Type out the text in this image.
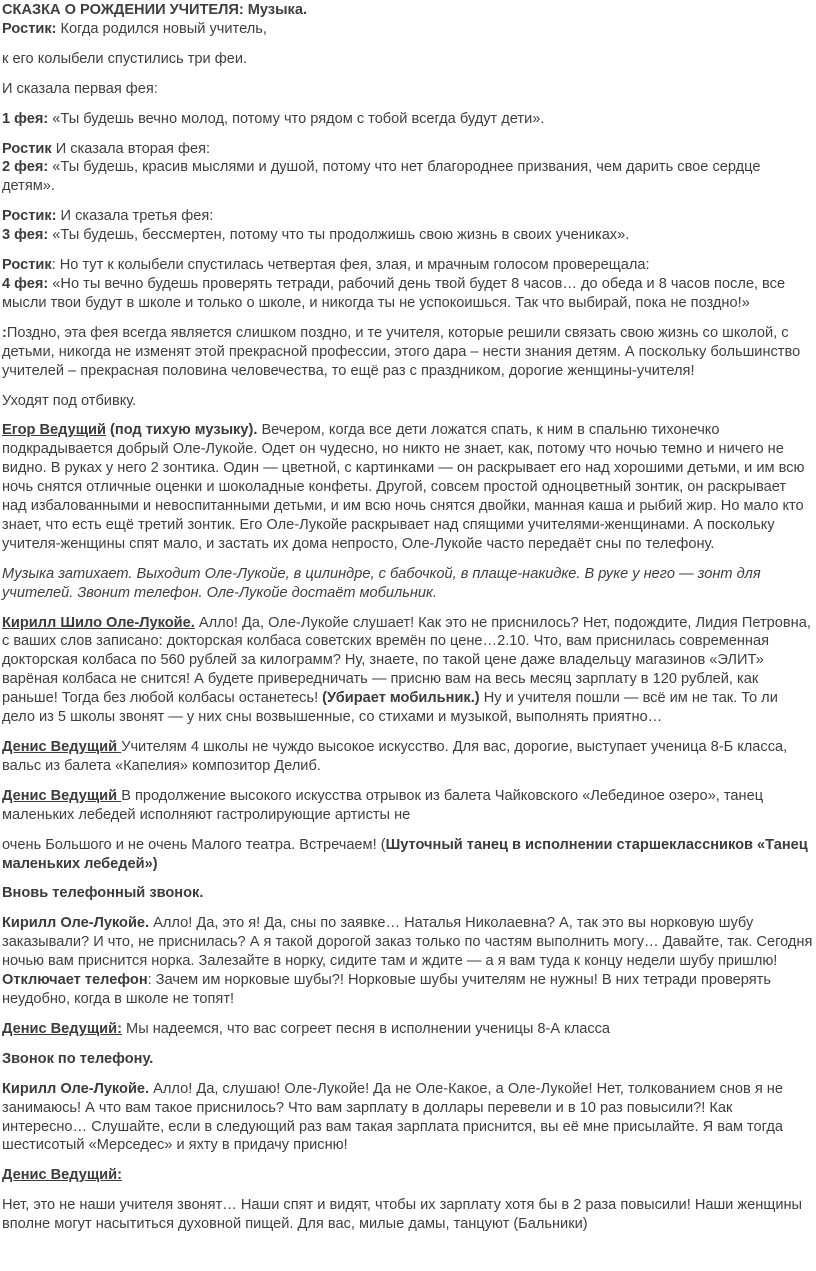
СКАЗКА О РОЖДЕНИИ УЧИТЕЛЯ: Музыка.

Ростик: Когда родился новый учитель,

к его колыбели спустились три феи.

И сказала первая фея:

1 фея: «Ты будешь вечно молод, потому что рядом с тобой всегда будут дети».

Ростик И сказала вторая фея:
2 фея: «Ты будешь, красив мыслями и душой, потому что нет благороднее призвания, чем дарить свое сердце детям».

Ростик: И сказала третья фея:
3 фея: «Ты будешь, бессмертен, потому что ты продолжишь свою жизнь в своих учениках».

Ростик: Но тут к колыбели спустилась четвертая фея, злая, и мрачным голосом проверещала:
4 фея: «Но ты вечно будешь проверять тетради, рабочий день твой будет 8 часов… до обеда и 8 часов после, все мысли твои будут в школе и только о школе, и никогда ты не успокоишься. Так что выбирай, пока не поздно!»

:Поздно, эта фея всегда является слишком поздно, и те учителя, которые решили связать свою жизнь со школой, с детьми, никогда не изменят этой прекрасной профессии, этого дара – нести знания детям. А поскольку большинство учителей – прекрасная половина человечества, то ещё раз с праздником, дорогие женщины-учителя!

Уходят под отбивку.

Егор Ведущий (под тихую музыку). Вечером, когда все дети ложатся спать, к ним в спальню тихонечко подкрадывается добрый Оле-Лукойе. Одет он чудесно, но никто не знает, как, потому что ночью темно и ничего не видно. В руках у него 2 зонтика. Один — цветной, с картинками — он раскрывает его над хорошими детьми, и им всю ночь снятся отличные оценки и шоколадные конфеты. Другой, совсем простой одноцветный зонтик, он раскрывает над избалованными и невоспитанными детьми, и им всю ночь снятся двойки, манная каша и рыбий жир. Но мало кто знает, что есть ещё третий зонтик. Его Оле-Лукойе раскрывает над спящими учителями-женщинами. А поскольку учителя-женщины спят мало, и застать их дома непросто, Оле-Лукойе часто передаёт сны по телефону.

Музыка затихает. Выходит Оле-Лукойе, в цилиндре, с бабочкой, в плаще-накидке. В руке у него — зонт для учителей. Звонит телефон. Оле-Лукойе достаёт мобильник.

Кирилл Шило Оле-Лукойе. Алло! Да, Оле-Лукойе слушает! Как это не приснилось? Нет, подождите, Лидия Петровна, с ваших слов записано: докторская колбаса советских времён по цене…2.10. Что, вам приснилась современная докторская колбаса по 560 рублей за килограмм? Ну, знаете, по такой цене даже владельцу магазинов «ЭЛИТ» варёная колбаса не снится! А будете привередничать — присню вам на весь месяц зарплату в 120 рублей, как раньше! Тогда без любой колбасы останетесь! (Убирает мобильник.) Ну и учителя пошли — всё им не так. То ли дело из 5 школы звонят — у них сны возвышенные, со стихами и музыкой, выполнять приятно…

Денис Ведущий Учителям 4 школы не чуждо высокое искусство. Для вас, дорогие, выступает ученица 8-Б класса, вальс из балета «Капелия» композитор Делиб.

Денис Ведущий В продолжение высокого искусства отрывок из балета Чайковского «Лебединое озеро», танец маленьких лебедей исполняют гастролирующие артисты не

очень Большого и не очень Малого театра. Встречаем! (Шуточный танец в исполнении старшеклассников «Танец маленьких лебедей»)

Вновь телефонный звонок.

Кирилл Оле-Лукойе. Алло! Да, это я! Да, сны по заявке… Наталья Николаевна? А, так это вы норковую шубу заказывали? И что, не приснилась? А я такой дорогой заказ только по частям выполнить могу… Давайте, так. Сегодня ночью вам приснится норка. Залезайте в норку, сидите там и ждите — а я вам туда к концу недели шубу пришлю! Отключает телефон: Зачем им норковые шубы?! Норковые шубы учителям не нужны! В них тетради проверять неудобно, когда в школе не топят!

Денис Ведущий: Мы надеемся, что вас согреет песня в исполнении ученицы 8-А класса

Звонок по телефону.

Кирилл Оле-Лукойе. Алло! Да, слушаю! Оле-Лукойе! Да не Оле-Какое, а Оле-Лукойе! Нет, толкованием снов я не занимаюсь! А что вам такое приснилось? Что вам зарплату в доллары перевели и в 10 раз повысили?! Как интересно… Слушайте, если в следующий раз вам такая зарплата приснится, вы её мне присылайте. Я вам тогда шестисотый «Мерседес» и яхту в придачу присню!

Денис Ведущий:

Нет, это не наши учителя звонят… Наши спят и видят, чтобы их зарплату хотя бы в 2 раза повысили! Наши женщины вполне могут насытиться духовной пищей. Для вас, милые дамы, танцуют (Бальники)
